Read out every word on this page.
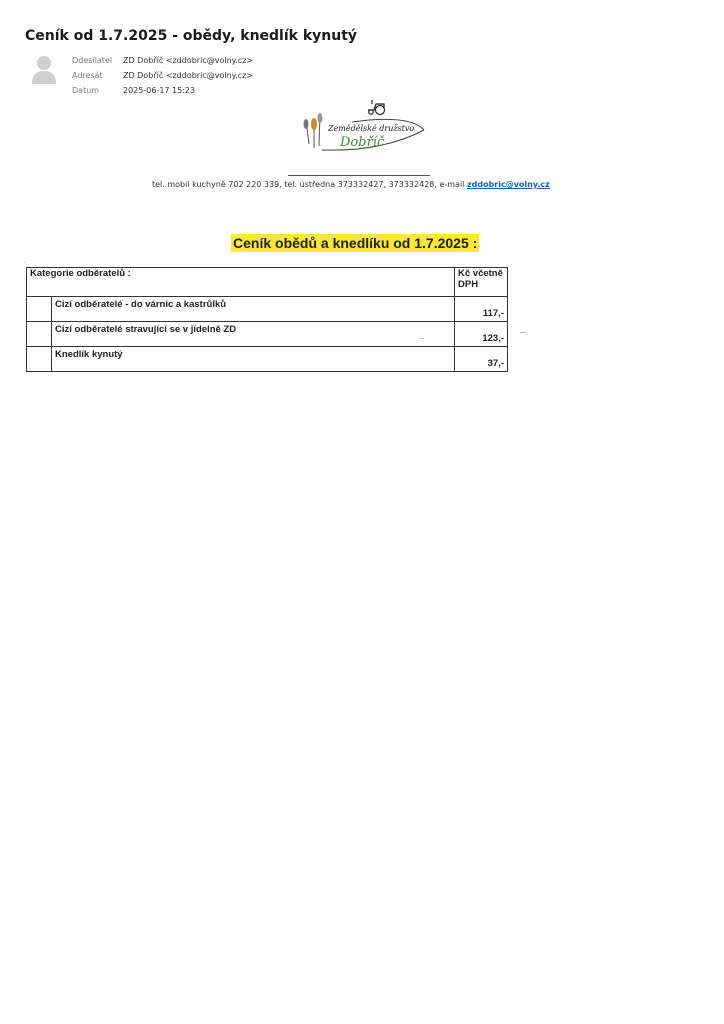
Ceník od 1.7.2025 - obědy, knedlík kynutý
Odesílatel	ZD Dobříč <zddobric@volny.cz>
Adresát	ZD Dobříč <zddobric@volny.cz>
Datum	2025-06-17 15:23
Zemědělské družstvo
Dobříč
tel. mobil kuchyně 702 220 339, tel. ústředna 373332427, 373332428, e-mail zddobric@volny.cz
Ceník obědů a knedlíku od 1.7.2025 :
Kategorie odběratelů :		Kč včetně DPH
	Cizí odběratelé - do várnic a kastrůlků	117,-
	Cizí odběratelé stravující se v jídelně ZD	123,-
	Knedlík kynutý	37,-
